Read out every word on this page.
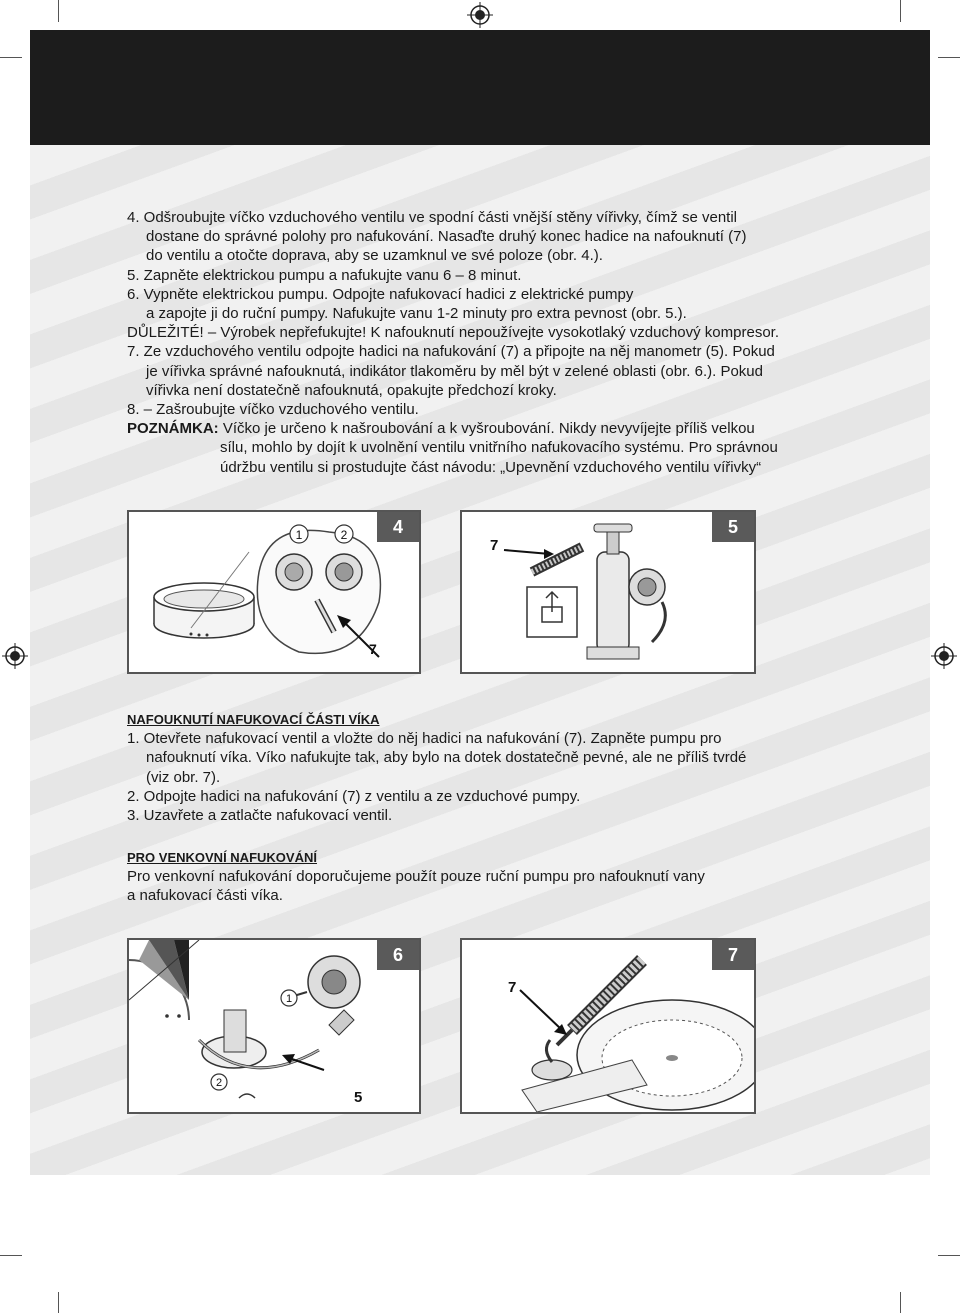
4. Odšroubujte víčko vzduchového ventilu ve spodní části vnější stěny vířivky, čímž se ventil
dostane do správné polohy pro nafukování. Nasaďte druhý konec hadice na nafouknutí (7)
do ventilu a otočte doprava, aby se uzamknul ve své poloze (obr. 4.).
5. Zapněte elektrickou pumpu a nafukujte vanu 6 – 8 minut.
6. Vypněte elektrickou pumpu. Odpojte nafukovací hadici z elektrické pumpy
a zapojte ji do ruční pumpy. Nafukujte vanu 1-2 minuty pro extra pevnost (obr. 5.).
DŮLEŽITÉ! – Výrobek nepřefukujte! K nafouknutí nepoužívejte vysokotlaký vzduchový kompresor.
7. Ze vzduchového ventilu odpojte hadici na nafukování (7) a připojte na něj manometr (5). Pokud
je vířivka správné nafouknutá, indikátor tlakoměru by měl být v zelené oblasti (obr. 6.). Pokud
vířivka není dostatečně nafouknutá, opakujte předchozí kroky.
8. – Zašroubujte víčko vzduchového ventilu.
POZNÁMKA: Víčko je určeno k našroubování a k vyšroubování. Nikdy nevyvíjejte příliš velkou
sílu, mohlo by dojít k uvolnění ventilu vnitřního nafukovacího systému. Pro správnou
údržbu ventilu si prostudujte část návodu: „Upevnění vzduchového ventilu vířivky“
1	2
7
4
7
5
NAFOUKNUTÍ NAFUKOVACÍ ČÁSTI VÍKA
1. Otevřete nafukovací ventil a vložte do něj hadici na nafukování (7). Zapněte pumpu pro
nafouknutí víka. Víko nafukujte tak, aby bylo na dotek dostatečně pevné, ale ne příliš tvrdé
(viz obr. 7).
2. Odpojte hadici na nafukování (7) z ventilu a ze vzduchové pumpy.
3. Uzavřete a zatlačte nafukovací ventil.
PRO VENKOVNÍ NAFUKOVÁNÍ
Pro venkovní nafukování doporučujeme použít pouze ruční pumpu pro nafouknutí vany
a nafukovací části víka.
1
2
5
6
7
7
